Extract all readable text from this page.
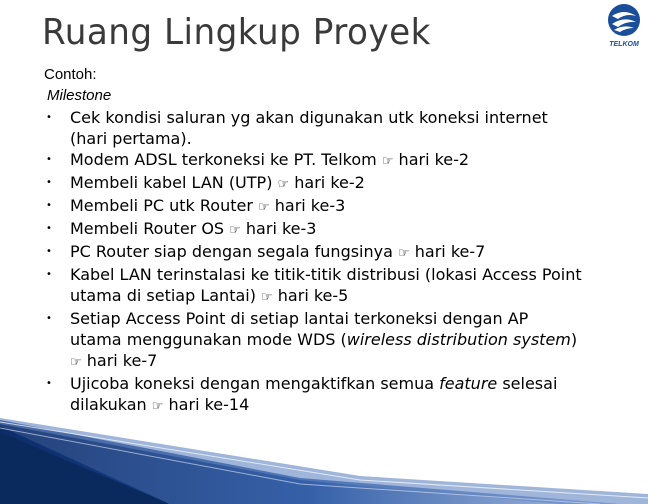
Ruang Lingkup Proyek	TELKOM
Contoh:
Milestone
• Cek kondisi saluran yg akan digunakan utk koneksi internet
(hari pertama).
• Modem ADSL terkoneksi ke PT. Telkom ☞ hari ke-2
• Membeli kabel LAN (UTP) ☞ hari ke-2
• Membeli PC utk Router ☞ hari ke-3
• Membeli Router OS ☞ hari ke-3
• PC Router siap dengan segala fungsinya ☞ hari ke-7
• Kabel LAN terinstalasi ke titik-titik distribusi (lokasi Access Point
utama di setiap Lantai) ☞ hari ke-5
• Setiap Access Point di setiap lantai terkoneksi dengan AP
utama menggunakan mode WDS (wireless distribution system)
☞ hari ke-7
• Ujicoba koneksi dengan mengaktifkan semua feature selesai
dilakukan ☞ hari ke-14
